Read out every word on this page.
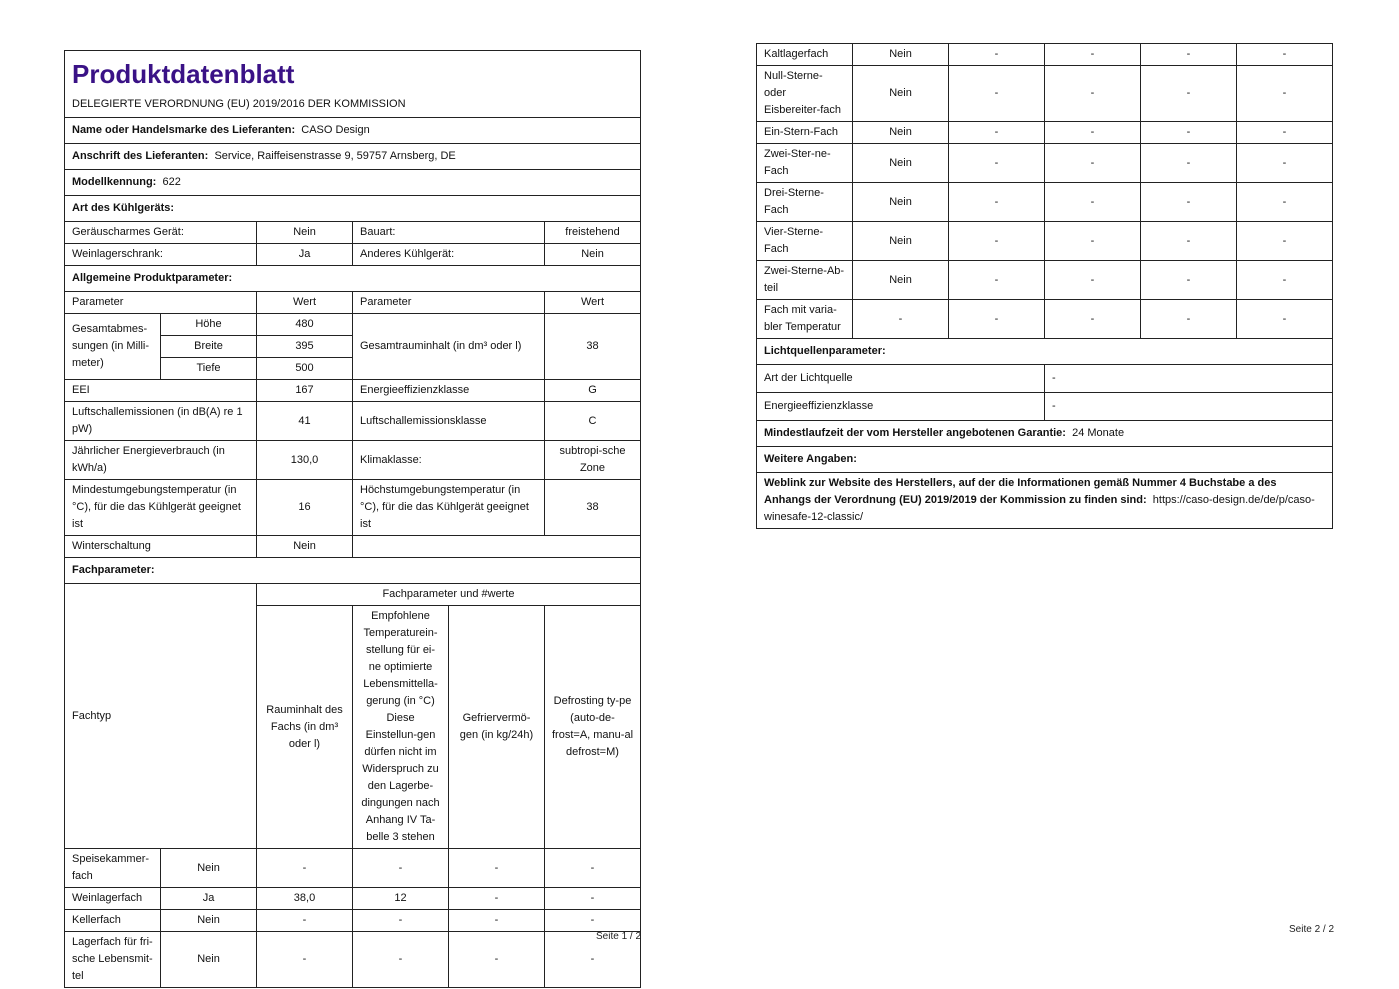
Produktdatenblatt
DELEGIERTE VERORDNUNG (EU) 2019/2016 DER KOMMISSION					

Name oder Handelsmarke des Lieferanten: CASO Design					
Anschrift des Lieferanten: Service, Raiffeisenstrasse 9, 59757 Arnsberg, DE					
Modellkennung: 622					
Art des Kühlgeräts:					
Geräuscharmes Gerät:		Nein	Bauart:		freistehend
Weinlagerschrank:		Ja	Anderes Kühlgerät:		Nein
Allgemeine Produktparameter:					
Parameter		Wert	Parameter		Wert
Gesamtabmes-sungen (in Milli-meter)	Höhe	480	Gesamtrauminhalt (in dm³ oder l)		38
	Breite	395			
	Tiefe	500			
EEI		167	Energieeffizienzklasse		G
Luftschallemissionen (in dB(A) re 1 pW)		41	Luftschallemissionsklasse		C
Jährlicher Energieverbrauch (in kWh/a)		130,0	Klimaklasse:		subtropi-sche Zone
Mindestumgebungstemperatur (in °C), für die das Kühlgerät geeignet ist		16	Höchstumgebungstemperatur (in °C), für die das Kühlgerät geeignet ist		38
Winterschaltung		Nein			
Fachparameter:					
Fachtyp		Fachparameter und #werte			
		Rauminhalt des Fachs (in dm³ oder l)	Empfohlene Temperaturein-stellung für ei-ne optimierte Lebensmittella-gerung (in °C) Diese Einstellun-gen dürfen nicht im Widerspruch zu den Lagerbe-dingungen nach Anhang IV Ta-belle 3 stehen	Gefriervermö-gen (in kg/24h)	Defrosting ty-pe (auto-de-frost=A, manu-al defrost=M)
Speisekammer-fach	Nein	-	-	-	-
Weinlagerfach	Ja	38,0	12	-	-
Kellerfach	Nein	-	-	-	-
Lagerfach für fri-sche Lebensmit-tel	Nein	-	-	-	-
Seite 1 / 2
Kaltlagerfach	Nein	-	-	-	-
Null-Sterne- oder Eisbereiter-fach	Nein	-	-	-	-
Ein-Stern-Fach	Nein	-	-	-	-
Zwei-Ster-ne-Fach	Nein	-	-	-	-
Drei-Sterne-Fach	Nein	-	-	-	-
Vier-Sterne-Fach	Nein	-	-	-	-
Zwei-Sterne-Ab-teil	Nein	-	-	-	-
Fach mit varia-bler Temperatur	-	-	-	-	-
Lichtquellenparameter:					
Art der Lichtquelle			-		
Energieeffizienzklasse			-		
Mindestlaufzeit der vom Hersteller angebotenen Garantie: 24 Monate					
Weitere Angaben:					
Weblink zur Website des Herstellers, auf der die Informationen gemäß Nummer 4 Buchstabe a des Anhangs der Verordnung (EU) 2019/2019 der Kommission zu finden sind: https://caso-design.de/de/p/caso-winesafe-12-classic/					
Seite 2 / 2
